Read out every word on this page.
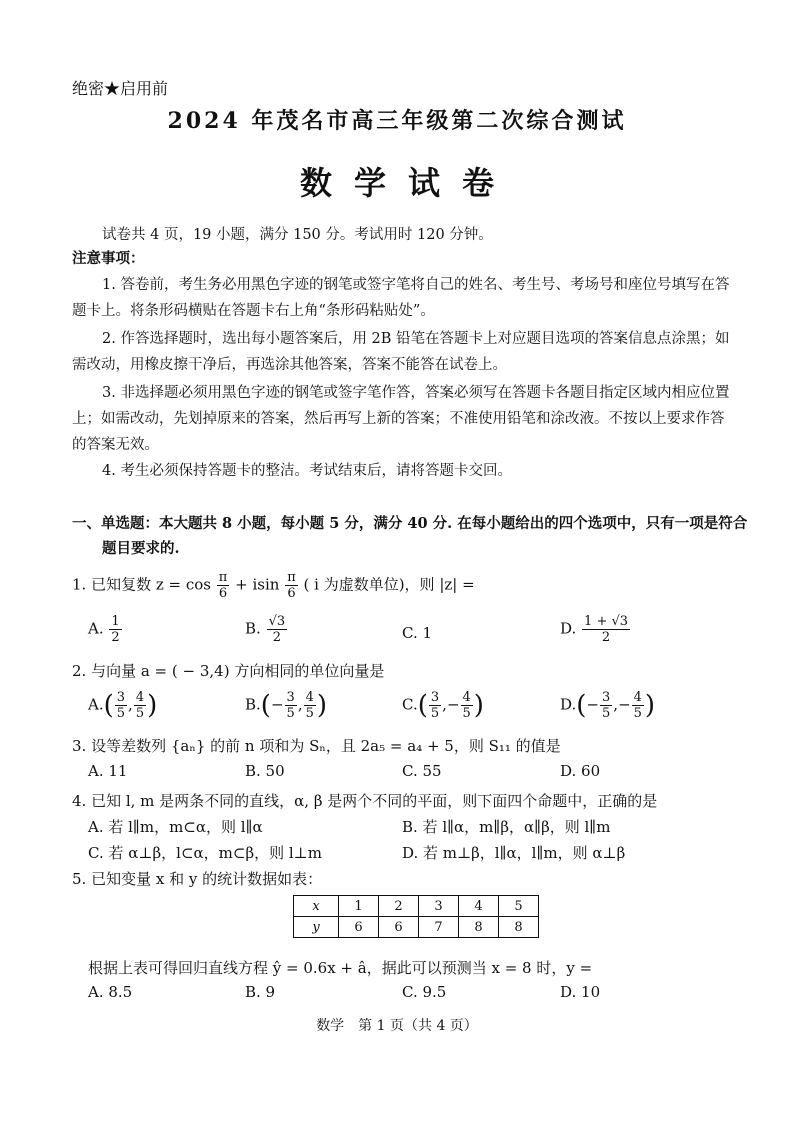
绝密★启用前
2024 年茂名市高三年级第二次综合测试
数学试卷
试卷共 4 页，19 小题，满分 150 分。考试用时 120 分钟。
注意事项：
1. 答卷前，考生务必用黑色字迹的钢笔或签字笔将自己的姓名、考生号、考场号和座位号填写在答题卡上。将条形码横贴在答题卡右上角“条形码粘贴处”。
2. 作答选择题时，选出每小题答案后，用 2B 铅笔在答题卡上对应题目选项的答案信息点涂黑；如需改动，用橡皮擦干净后，再选涂其他答案，答案不能答在试卷上。
3. 非选择题必须用黑色字迹的钢笔或签字笔作答，答案必须写在答题卡各题目指定区域内相应位置上；如需改动，先划掉原来的答案，然后再写上新的答案；不准使用铅笔和涂改液。不按以上要求作答的答案无效。
4. 考生必须保持答题卡的整洁。考试结束后，请将答题卡交回。
一、单选题：本大题共 8 小题，每小题 5 分，满分 40 分. 在每小题给出的四个选项中，只有一项是符合
题目要求的.
1. 已知复数 $z = \cos \frac{\pi}{6} + isin \frac{\pi}{6}$ ( i 为虚数单位)，则 |z| =
A. $\frac{1}{2}$	B. $\frac{√3}{2}$	C. 1	D. $\frac{1 + √3}{2}$
2. 与向量 a = ( − 3,4) 方向相同的单位向量是
$A.( \frac{3}{5}$ , $\frac{4}{5}$ )	$B.(- \frac{3}{5}$ , $\frac{4}{5}$ )	$C.( \frac{3}{5}$ ,− $\frac{4}{5}$ )	$D.(- \frac{3}{5}$ ,− $\frac{4}{5}$ )
3. 设等差数列 {aₙ} 的前 n 项和为 Sₙ，且 2a₅ = a₄ + 5，则 S₁₁ 的值是
A. 11	B. 50	C. 55	D. 60
4. 已知 l, m 是两条不同的直线，α, β 是两个不同的平面，则下面四个命题中，正确的是
A. 若 l∥m，m⊂α，则 l∥α	B. 若 l∥α，m∥β，α∥β，则 l∥m
C. 若 α⊥β，l⊂α，m⊂β，则 l⊥m	D. 若 m⊥β，l∥α，l∥m，则 α⊥β
5. 已知变量 x 和 y 的统计数据如表：
x	1	2	3	4	5
y	6	6	7	8	8
根据上表可得回归直线方程 ŷ = 0.6x + â，据此可以预测当 x = 8 时，y =
A. 8.5	B. 9	C. 9.5	D. 10
数学　第 1 页（共 4 页）
